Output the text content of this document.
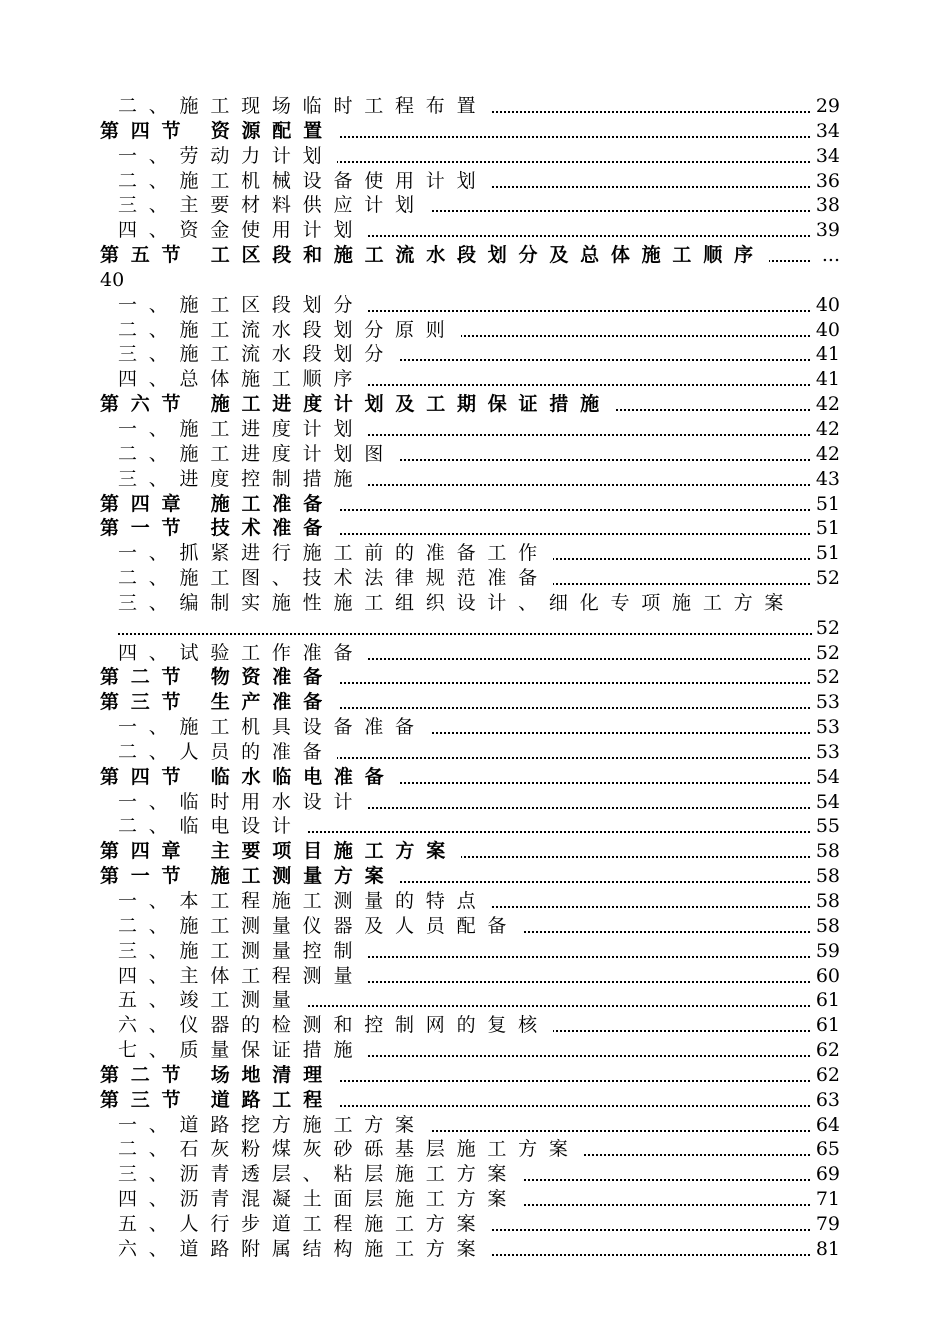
二、施工现场临时工程布置	29
第四节 资源配置	34
一、劳动力计划	34
二、施工机械设备使用计划	36
三、主要材料供应计划	38
四、资金使用计划	39
第五节 工区段和施工流水段划分及总体施工顺序	...
40
一、施工区段划分	40
二、施工流水段划分原则	40
三、施工流水段划分	41
四、总体施工顺序	41
第六节 施工进度计划及工期保证措施	42
一、施工进度计划	42
二、施工进度计划图	42
三、进度控制措施	43
第四章 施工准备	51
第一节 技术准备	51
一、抓紧进行施工前的准备工作	51
二、施工图、技术法律规范准备	52
三、编制实施性施工组织设计、细化专项施工方案
52
四、试验工作准备	52
第二节 物资准备	52
第三节 生产准备	53
一、施工机具设备准备	53
二、人员的准备	53
第四节 临水临电准备	54
一、临时用水设计	54
二、临电设计	55
第四章 主要项目施工方案	58
第一节 施工测量方案	58
一、本工程施工测量的特点	58
二、施工测量仪器及人员配备	58
三、施工测量控制	59
四、主体工程测量	60
五、竣工测量	61
六、仪器的检测和控制网的复核	61
七、质量保证措施	62
第二节 场地清理	62
第三节 道路工程	63
一、道路挖方施工方案	64
二、石灰粉煤灰砂砾基层施工方案	65
三、沥青透层、粘层施工方案	69
四、沥青混凝土面层施工方案	71
五、人行步道工程施工方案	79
六、道路附属结构施工方案	81
